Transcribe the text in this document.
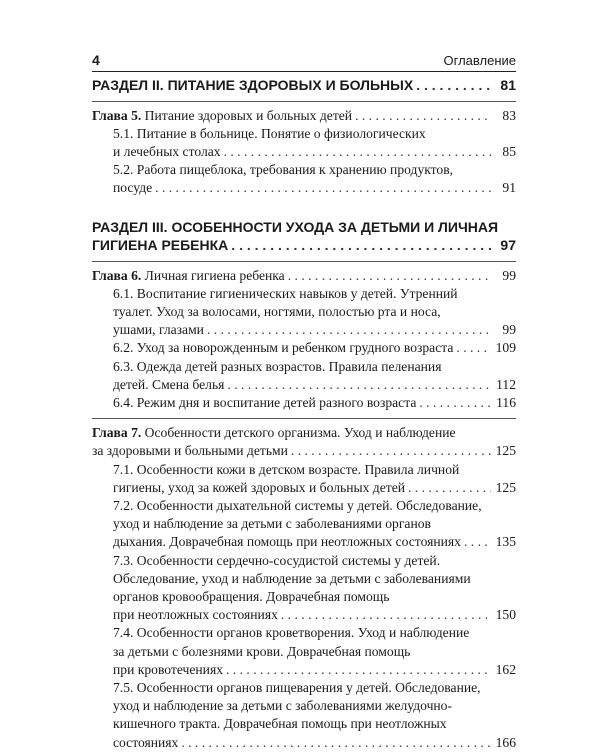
4	Оглавление
РАЗДЕЛ II. ПИТАНИЕ ЗДОРОВЫХ И БОЛЬНЫХ . . .	81
Глава 5. Питание здоровых и больных детей . . .	83
5.1. Питание в больнице. Понятие о физиологических
и лечебных столах . . .	85
5.2. Работа пищеблока, требования к хранению продуктов,
посуде . . .	91
РАЗДЕЛ III. ОСОБЕННОСТИ УХОДА ЗА ДЕТЬМИ И ЛИЧНАЯ
ГИГИЕНА РЕБЕНКА . . .	97
Глава 6. Личная гигиена ребенка . . .	99
6.1. Воспитание гигиенических навыков у детей. Утренний
туалет. Уход за волосами, ногтями, полостью рта и носа,
ушами, глазами . . .	99
6.2. Уход за новорожденным и ребенком грудного возраста . . .	109
6.3. Одежда детей разных возрастов. Правила пеленания
детей. Смена белья . . .	112
6.4. Режим дня и воспитание детей разного возраста . . .	116
Глава 7. Особенности детского организма. Уход и наблюдение
за здоровыми и больными детьми . . .	125
7.1. Особенности кожи в детском возрасте. Правила личной
гигиены, уход за кожей здоровых и больных детей . . .	125
7.2. Особенности дыхательной системы у детей. Обследование,
уход и наблюдение за детьми с заболеваниями органов
дыхания. Доврачебная помощь при неотложных состояниях . . .	135
7.3. Особенности сердечно-сосудистой системы у детей.
Обследование, уход и наблюдение за детьми с заболеваниями
органов кровообращения. Доврачебная помощь
при неотложных состояниях . . .	150
7.4. Особенности органов кроветворения. Уход и наблюдение
за детьми с болезнями крови. Доврачебная помощь
при кровотечениях . . .	162
7.5. Особенности органов пищеварения у детей. Обследование,
уход и наблюдение за детьми с заболеваниями желудочно-
кишечного тракта. Доврачебная помощь при неотложных
состояниях . . .	166
